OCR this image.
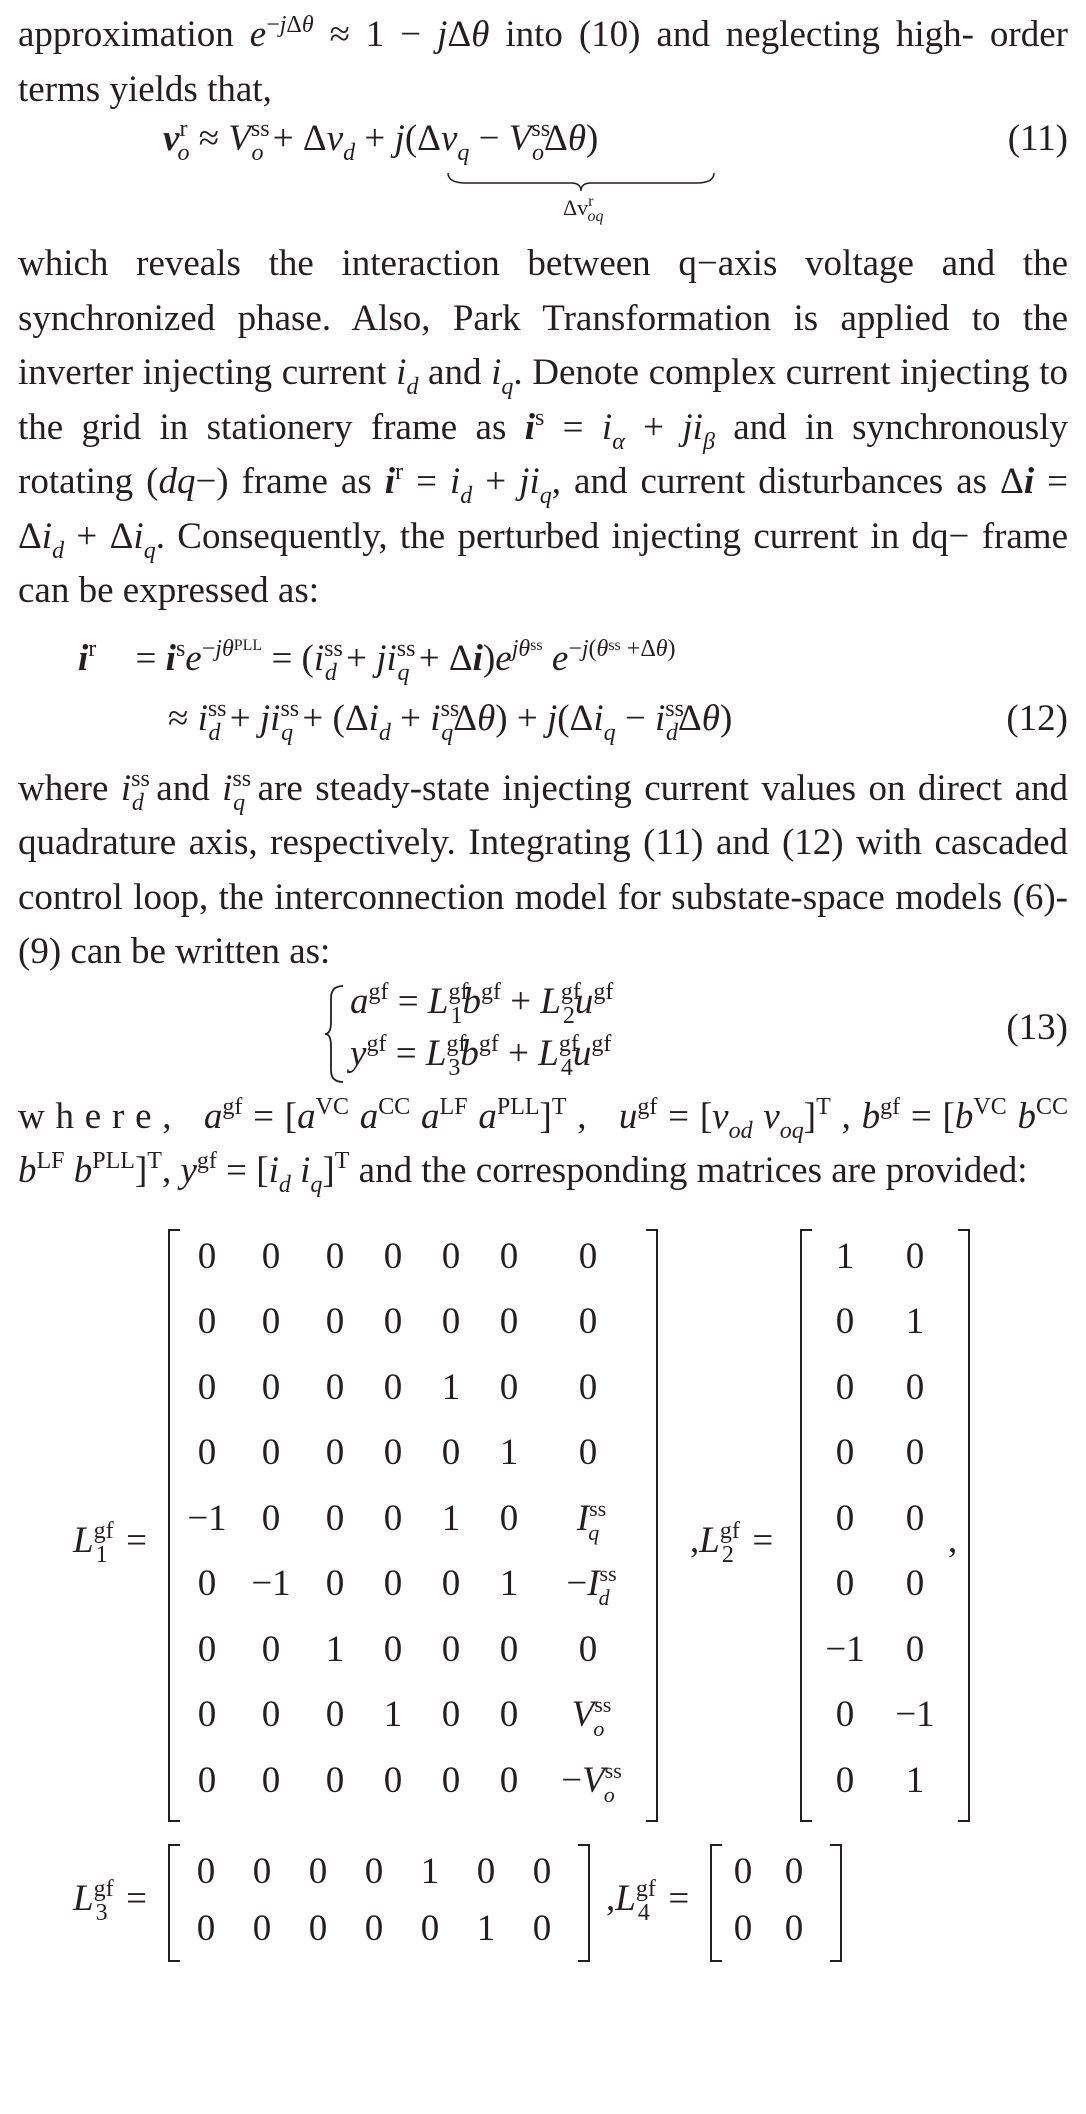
approximation $e^{-j\Delta\theta} \approx 1 - j\Delta\theta$ into (10) and neglecting high- order terms yields that,

$v^r_o \approx V^{ss}_o + \Delta v_d + j(\Delta v_q - V^{ss}_o\Delta\theta)$
$\Delta v^r_{oq}$
(11)

which reveals the interaction between q−axis voltage and the synchronized phase. Also, Park Transformation is applied to the inverter injecting current $i_d$ and $i_q$. Denote complex current injecting to the grid in stationery frame as $i^s = i_\alpha + ji_\beta$ and in synchronously rotating (dq−) frame as $i^r = i_d + ji_q$, and current disturbances as $\Delta i = \Delta i_d + \Delta i_q$. Consequently, the perturbed injecting current in dq− frame can be expressed as:

$i^r = i^se^{-j\theta^{PLL}} = (i^{ss}_d + ji^{ss}_q + \Delta i)e^{j\theta^{ss}}$ $e^{-j(\theta^{ss} +\Delta\theta)}$
≈ $i^{ss}_d + ji^{ss}_q + (\Delta i_d + i^{ss}_q\Delta\theta) + j(\Delta i_q - i^{ss}_d\Delta\theta)$	(12)

where $i^{ss}_d$ and $i^{ss}_q$ are steady-state injecting current values on direct and quadrature axis, respectively. Integrating (11) and (12) with cascaded control loop, the interconnection model for substate-space models (6)-(9) can be written as:

$a^{gf} = L^{gf}_1b^{gf} + L^{gf}_2u^{gf}$
$y^{gf} = L^{gf}_3b^{gf} + L^{gf}_4u^{gf}$	(13)

w h e r e , $a^{gf} = [a^{VC}$ $a^{CC}$ $a^{LF}$ $a^{PLL}]^T$ ,   $u^{gf} = [v_{od}$ $v_{oq}]^T$ , $b^{gf} = [b^{VC}$ $b^{CC}$ $b^{LF}$ $b^{PLL}]^T$, $y^{gf} = [i_d$ $i_q]^T$ and the corresponding matrices are provided:

$L^{gf}_1$  =
0	0	0	0	0	0	0
0	0	0	0	0	0	0
0	0	0	0	1	0	0
0	0	0	0	0	1	0
−1 0	0	0	1	0	$I^{ss}_q$
0 −1 0	0	0	1	$-I^{ss}_d$
0	0	1	0	0	0	0
0	0	0	1	0	0	$V^{ss}_o$
0	0	0	0	0	0	$-V^{ss}_o$
$,L^{gf}_2$  =
1	0
0	1
0	0
0	0
0	0
0	0
−1	0
0	−1
0	1
,
$L^{gf}_3$  =
0	0	0	0	1	0	0
0	0	0	0	0	1	0
$,L^{gf}_4$  =
0 0
0 0
